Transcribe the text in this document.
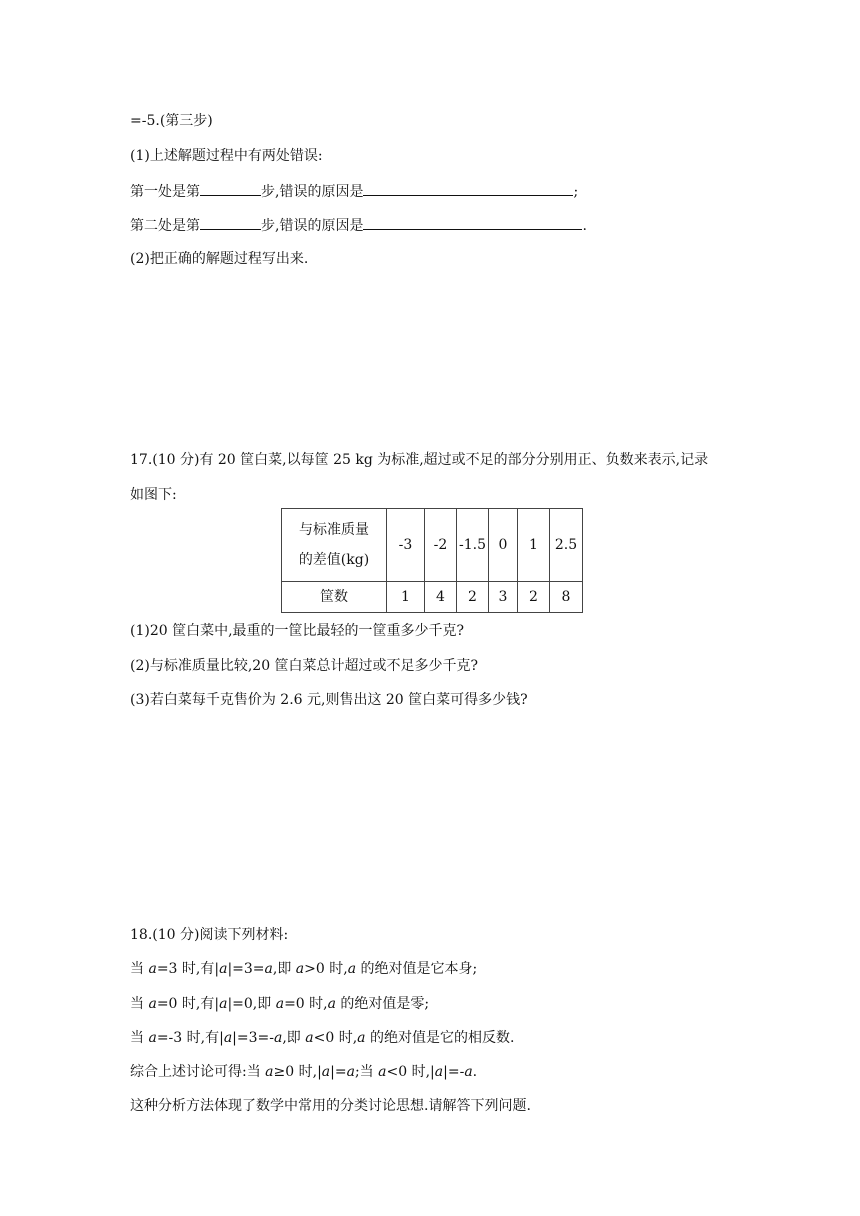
=-5.(第三步)
(1)上述解题过程中有两处错误:
第一处是第	步,错误的原因是	;
第二处是第	步,错误的原因是	.
(2)把正确的解题过程写出来.
17.(10 分)有 20 筐白菜,以每筐 25 kg 为标准,超过或不足的部分分别用正、负数来表示,记录
如图下:
与标准质量
的差值(kg)	-3	-2	-1.5	0	1	2.5
筐数	1	4	2	3	2	8
(1)20 筐白菜中,最重的一筐比最轻的一筐重多少千克?
(2)与标准质量比较,20 筐白菜总计超过或不足多少千克?
(3)若白菜每千克售价为 2.6 元,则售出这 20 筐白菜可得多少钱?
18.(10 分)阅读下列材料:
当 a=3 时,有|a|=3=a,即 a>0 时,a 的绝对值是它本身;
当 a=0 时,有|a|=0,即 a=0 时,a 的绝对值是零;
当 a=-3 时,有|a|=3=-a,即 a<0 时,a 的绝对值是它的相反数.
综合上述讨论可得:当 a≥0 时,|a|=a;当 a<0 时,|a|=-a.
这种分析方法体现了数学中常用的分类讨论思想.请解答下列问题.
